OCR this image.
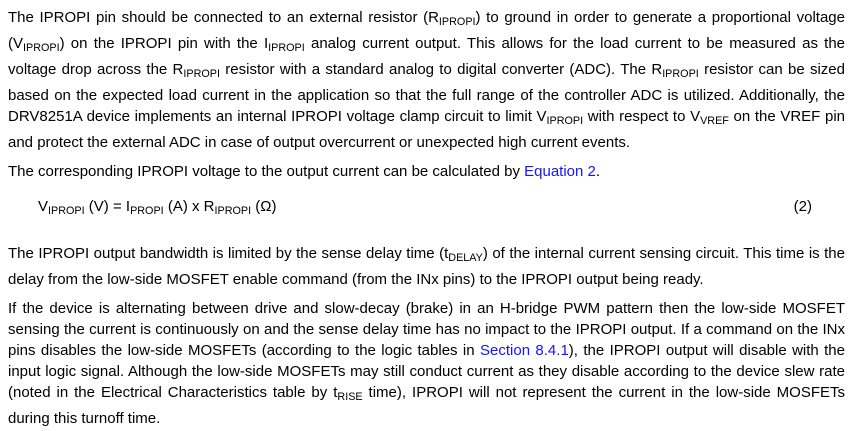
The IPROPI pin should be connected to an external resistor $(R_{IPROPI})$ to ground in order to generate a proportional voltage $(V_{IPROPI})$ on the IPROPI pin with the $I_{IPROPI}$ analog current output. This allows for the load current to be measured as the voltage drop across the $R_{IPROPI}$ resistor with a standard analog to digital converter (ADC). The $R_{IPROPI}$ resistor can be sized based on the expected load current in the application so that the full range of the controller ADC is utilized. Additionally, the DRV8251A device implements an internal IPROPI voltage clamp circuit to limit $V_{IPROPI}$ with respect to $V_{VREF}$ on the VREF pin and protect the external ADC in case of output overcurrent or unexpected high current events.

The corresponding IPROPI voltage to the output current can be calculated by Equation 2.

$V_{IPROPI}$ $(V) = I_{PROPI}$ (A) x $R_{IPROPI}$ (Ω)	(2)

The IPROPI output bandwidth is limited by the sense delay time $(t_{DELAY})$ of the internal current sensing circuit. This time is the delay from the low-side MOSFET enable command (from the INx pins) to the IPROPI output being ready.

If the device is alternating between drive and slow-decay (brake) in an H-bridge PWM pattern then the low-side MOSFET sensing the current is continuously on and the sense delay time has no impact to the IPROPI output. If a command on the INx pins disables the low-side MOSFETs (according to the logic tables in Section 8.4.1), the IPROPI output will disable with the input logic signal. Although the low-side MOSFETs may still conduct current as they disable according to the device slew rate (noted in the Electrical Characteristics table by $t_{RISE}$ time), IPROPI will not represent the current in the low-side MOSFETs during this turnoff time.
